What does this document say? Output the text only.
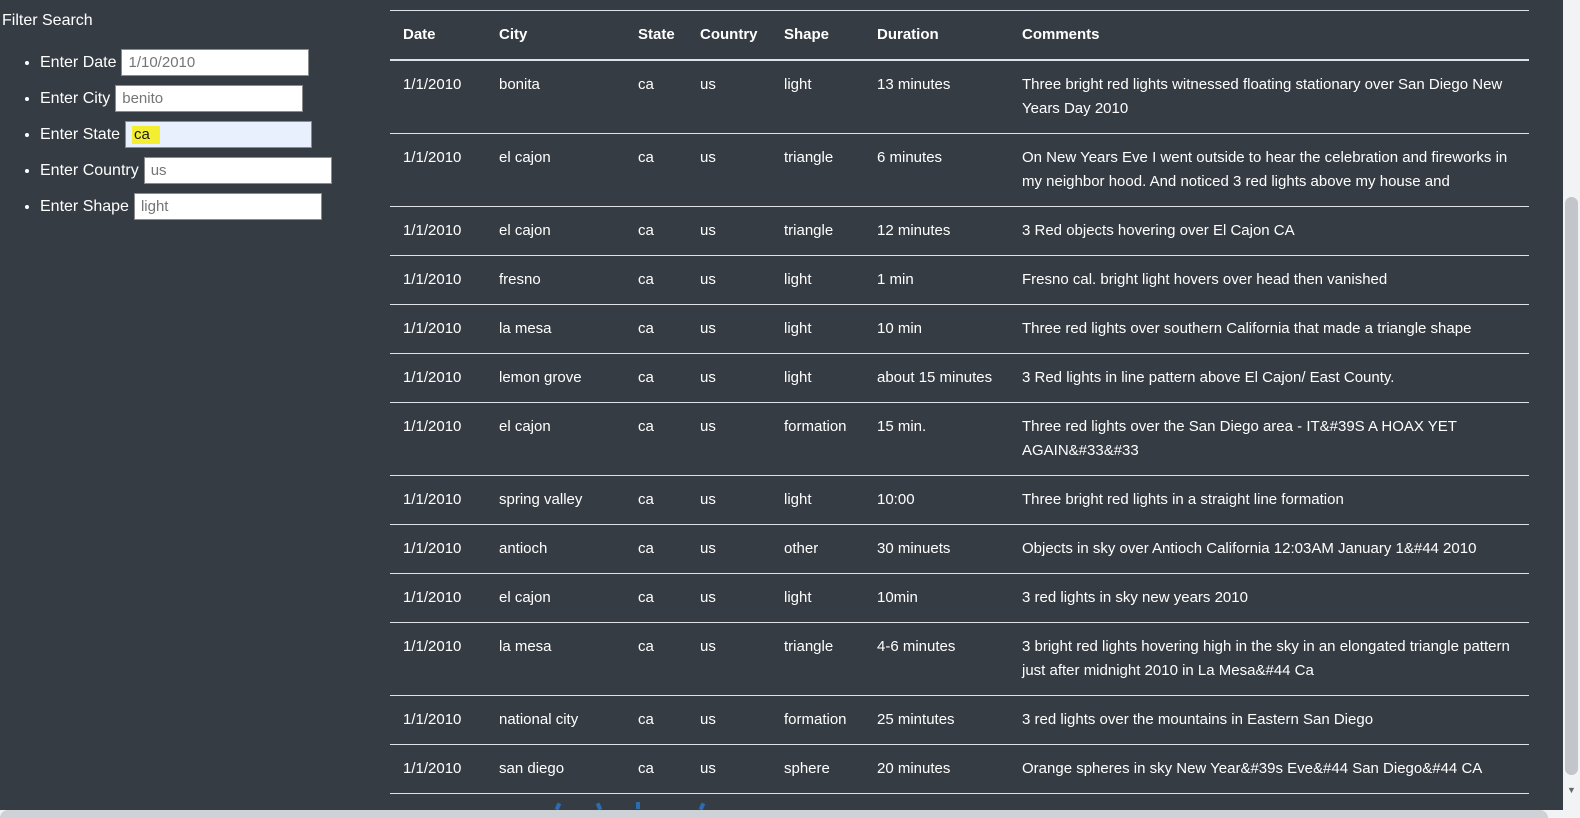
Filter Search
• Enter Date1/10/2010
• Enter Citybenito
• Enter State ca
• Enter Countryus
• Enter Shapelight
Date	City	State	Country	Shape	Duration	Comments
1/1/2010	bonita	ca	us	light	13 minutes	Three bright red lights witnessed floating stationary over San Diego New Years Day 2010
1/1/2010	el cajon	ca	us	triangle	6 minutes	On New Years Eve I went outside to hear the celebration and fireworks in my neighbor hood. And noticed 3 red lights above my house and
1/1/2010	el cajon	ca	us	triangle	12 minutes	3 Red objects hovering over El Cajon CA
1/1/2010	fresno	ca	us	light	1 min	Fresno cal. bright light hovers over head then vanished
1/1/2010	la mesa	ca	us	light	10 min	Three red lights over southern California that made a triangle shape
1/1/2010	lemon grove	ca	us	light	about 15 minutes	3 Red lights in line pattern above El Cajon/ East County.
1/1/2010	el cajon	ca	us	formation	15 min.	Three red lights over the San Diego area - IT&#39S A HOAX YET AGAIN&#33&#33
1/1/2010	spring valley	ca	us	light	10:00	Three bright red lights in a straight line formation
1/1/2010	antioch	ca	us	other	30 minuets	Objects in sky over Antioch California 12:03AM January 1&#44 2010
1/1/2010	el cajon	ca	us	light	10min	3 red lights in sky new years 2010
1/1/2010	la mesa	ca	us	triangle	4-6 minutes	3 bright red lights hovering high in the sky in an elongated triangle pattern just after midnight 2010 in La Mesa&#44 Ca
1/1/2010	national city	ca	us	formation	25 mintutes	3 red lights over the mountains in Eastern San Diego
1/1/2010	san diego	ca	us	sphere	20 minutes	Orange spheres in sky New Year&#39s Eve&#44 San Diego&#44 CA
▼
